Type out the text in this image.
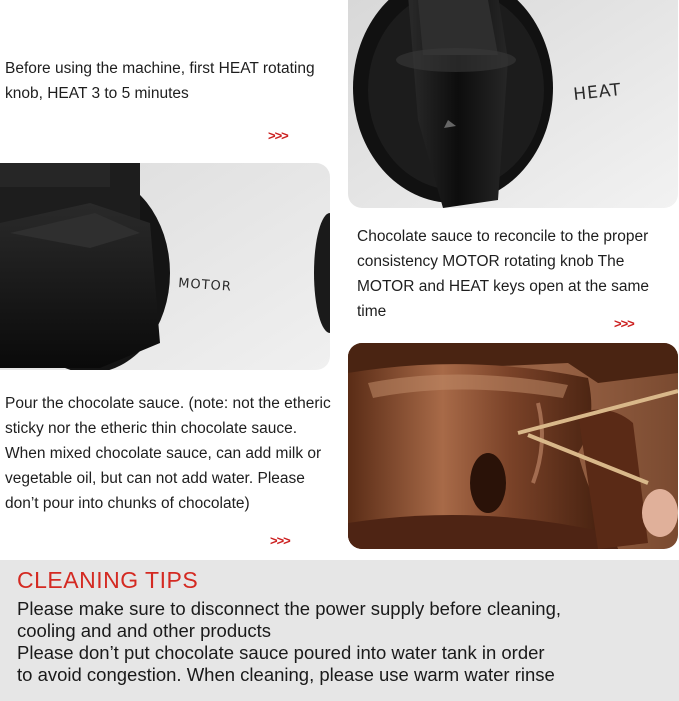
Before using the machine, first HEAT rotating knob, HEAT 3 to 5 minutes

>>>
HEAT
MOTOR

Chocolate sauce to reconcile to the proper consistency MOTOR rotating knob The MOTOR and HEAT keys open at the same time

>>>

Pour the chocolate sauce. (note: not the etheric sticky nor the etheric thin chocolate sauce. When mixed chocolate sauce, can add milk or vegetable oil, but can not add water. Please don’t pour into chunks of chocolate)

>>>
CLEANING TIPS

Please make sure to disconnect the power supply before cleaning,
cooling and and other products
Please don’t put chocolate sauce poured into water tank in order
to avoid congestion. When cleaning, please use warm water rinse
